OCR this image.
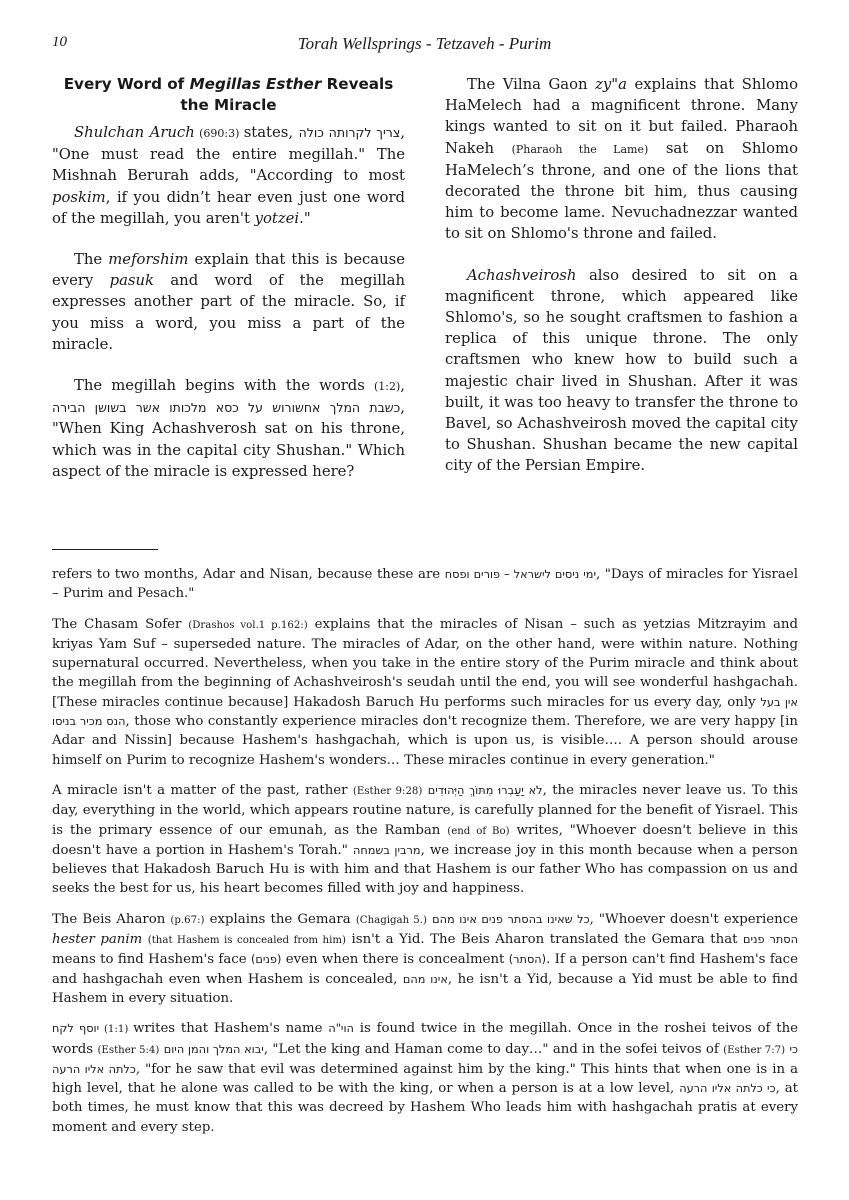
10	Torah Wellsprings - Tetzaveh - Purim
Every Word of Megillas Esther Reveals the Miracle

Shulchan Aruch (690:3) states, צריך לקרותה כולה, "One must read the entire megillah." The Mishnah Berurah adds, "According to most poskim, if you didn’t hear even just one word of the megillah, you aren't yotzei."

The meforshim explain that this is because every pasuk and word of the megillah expresses another part of the miracle. So, if you miss a word, you miss a part of the miracle.

The megillah begins with the words (1:2), כשבת המלך אחשורוש על כסא מלכותו אשר בשושן הבירה, "When King Achashverosh sat on his throne, which was in the capital city Shushan." Which aspect of the miracle is expressed here?

The Vilna Gaon zy"a explains that Shlomo HaMelech had a magnificent throne. Many kings wanted to sit on it but failed. Pharaoh Nakeh (Pharaoh the Lame) sat on Shlomo HaMelech’s throne, and one of the lions that decorated the throne bit him, thus causing him to become lame. Nevuchadnezzar wanted to sit on Shlomo's throne and failed.

Achashveirosh also desired to sit on a magnificent throne, which appeared like Shlomo's, so he sought craftsmen to fashion a replica of this unique throne. The only craftsmen who knew how to build such a majestic chair lived in Shushan. After it was built, it was too heavy to transfer the throne to Bavel, so Achashveirosh moved the capital city to Shushan. Shushan became the new capital city of the Persian Empire.

refers to two months, Adar and Nisan, because these are ימי ניסים לישראל – פורים ופסח, "Days of miracles for Yisrael – Purim and Pesach."

The Chasam Sofer (Drashos vol.1 p.162:) explains that the miracles of Nisan – such as yetzias Mitzrayim and kriyas Yam Suf – superseded nature. The miracles of Adar, on the other hand, were within nature. Nothing supernatural occurred. Nevertheless, when you take in the entire story of the Purim miracle and think about the megillah from the beginning of Achashveirosh's seudah until the end, you will see wonderful hashgachah. [These miracles continue because] Hakadosh Baruch Hu performs such miracles for us every day, only אין בעל הנס מכיר בניסו, those who constantly experience miracles don't recognize them. Therefore, we are very happy [in Adar and Nissin] because Hashem's hashgachah, which is upon us, is visible…. A person should arouse himself on Purim to recognize Hashem's wonders… These miracles continue in every generation."

A miracle isn't a matter of the past, rather (Esther 9:28) לֹא יַעַבְרוּ מִתּוֹךְ הַיְּהוּדִים, the miracles never leave us. To this day, everything in the world, which appears routine nature, is carefully planned for the benefit of Yisrael. This is the primary essence of our emunah, as the Ramban (end of Bo) writes, "Whoever doesn't believe in this doesn't have a portion in Hashem's Torah." מרבין בשמחה, we increase joy in this month because when a person believes that Hakadosh Baruch Hu is with him and that Hashem is our father Who has compassion on us and seeks the best for us, his heart becomes filled with joy and happiness.

The Beis Aharon (p.67:) explains the Gemara (Chagigah 5.) כל שאינו בהסתר פנים אינו מהם, "Whoever doesn't experience hester panim (that Hashem is concealed from him) isn't a Yid. The Beis Aharon translated the Gemara that הסתר פנים means to find Hashem's face (פנים) even when there is concealment (הסתר). If a person can't find Hashem's face and hashgachah even when Hashem is concealed, אינו מהם, he isn't a Yid, because a Yid must be able to find Hashem in every situation.

יוסף לקח (1:1) writes that Hashem's name הוי"ה is found twice in the megillah. Once in the roshei teivos of the words (Esther 5:4) יבוא המלך והמן היום, "Let the king and Haman come to day…" and in the sofei teivos of (Esther 7:7) כי כלתה אליו הרעה, "for he saw that evil was determined against him by the king." This hints that when one is in a high level, that he alone was called to be with the king, or when a person is at a low level, כי כלתה אליו הרעה, at both times, he must know that this was decreed by Hashem Who leads him with hashgachah pratis at every moment and every step.
